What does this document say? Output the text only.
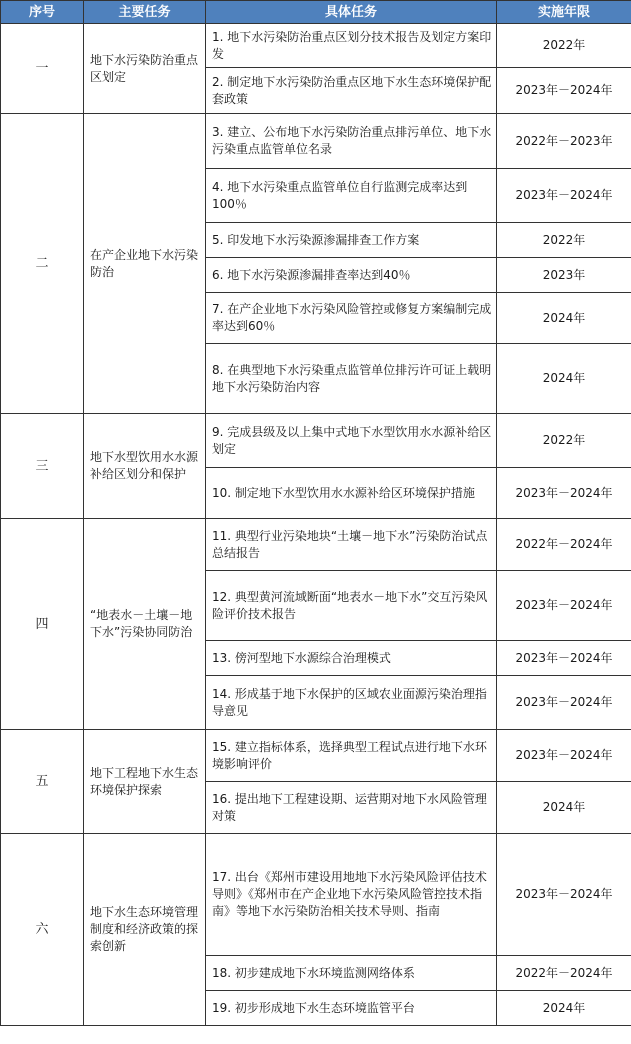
序号	主要任务	具体任务	实施年限
一	地下水污染防治重点区划定	1. 地下水污染防治重点区划分技术报告及划定方案印发	2022年
		2. 制定地下水污染防治重点区地下水生态环境保护配套政策	2023年－2024年
二	在产企业地下水污染防治	3. 建立、公布地下水污染防治重点排污单位、地下水污染重点监管单位名录	2022年－2023年
		4. 地下水污染重点监管单位自行监测完成率达到100％	2023年－2024年
		5. 印发地下水污染源渗漏排查工作方案	2022年
		6. 地下水污染源渗漏排查率达到40％	2023年
		7. 在产企业地下水污染风险管控或修复方案编制完成率达到60％	2024年
		8. 在典型地下水污染重点监管单位排污许可证上载明地下水污染防治内容	2024年
三	地下水型饮用水水源补给区划分和保护	9. 完成县级及以上集中式地下水型饮用水水源补给区划定	2022年
		10. 制定地下水型饮用水水源补给区环境保护措施	2023年－2024年
四	“地表水－土壤－地下水”污染协同防治	11. 典型行业污染地块“土壤－地下水”污染防治试点总结报告	2022年－2024年
		12. 典型黄河流域断面“地表水－地下水”交互污染风险评价技术报告	2023年－2024年
		13. 傍河型地下水源综合治理模式	2023年－2024年
		14. 形成基于地下水保护的区域农业面源污染治理指导意见	2023年－2024年
五	地下工程地下水生态环境保护探索	15. 建立指标体系，选择典型工程试点进行地下水环境影响评价	2023年－2024年
		16. 提出地下工程建设期、运营期对地下水风险管理对策	2024年
六	地下水生态环境管理制度和经济政策的探索创新	17. 出台《郑州市建设用地地下水污染风险评估技术导则》《郑州市在产企业地下水污染风险管控技术指南》等地下水污染防治相关技术导则、指南	2023年－2024年
		18. 初步建成地下水环境监测网络体系	2022年－2024年
		19. 初步形成地下水生态环境监管平台	2024年
